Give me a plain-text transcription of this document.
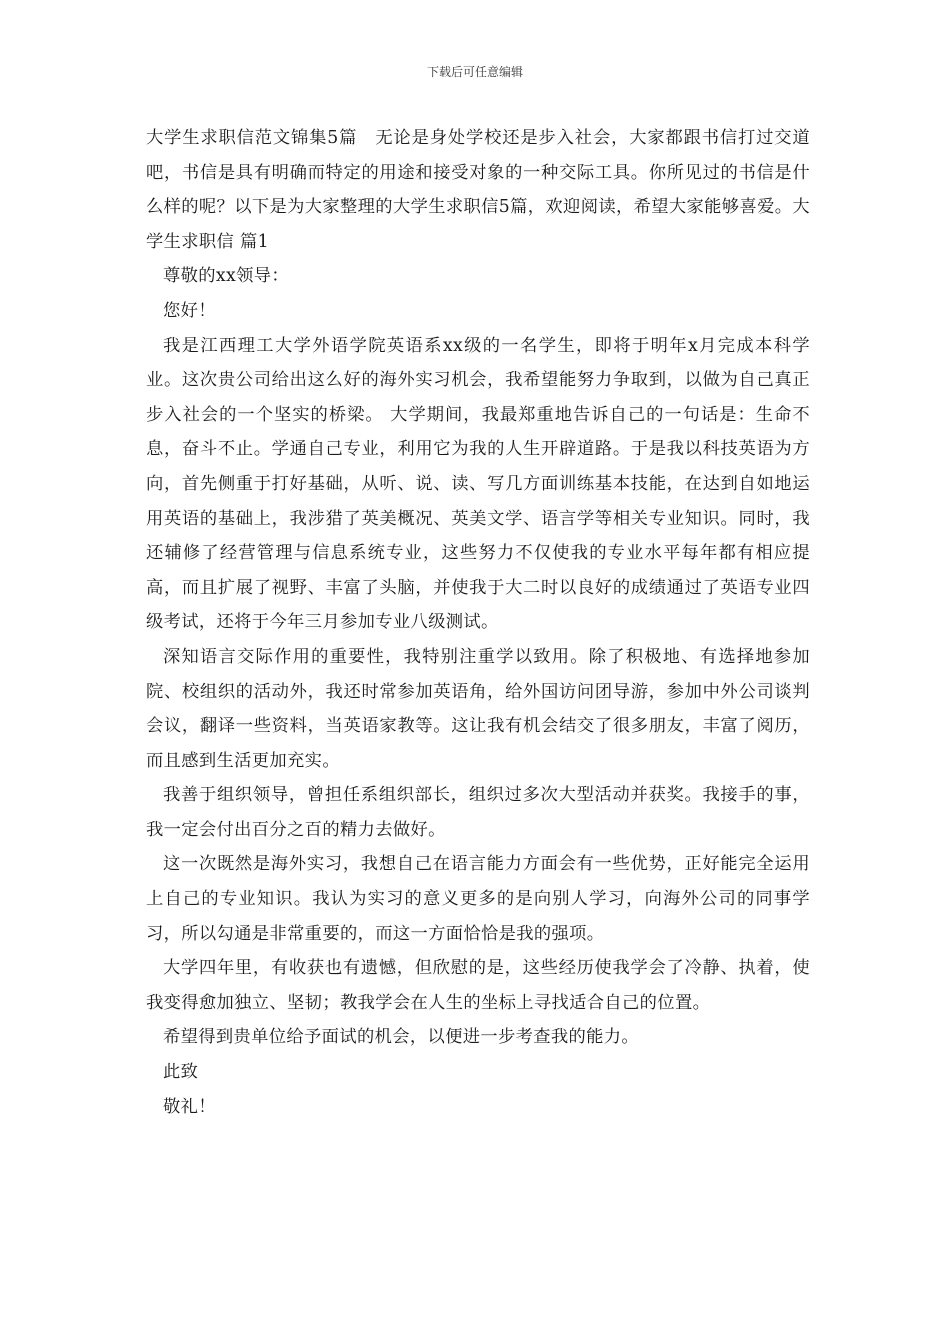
下载后可任意编辑

大学生求职信范文锦集5篇　无论是身处学校还是步入社会，大家都跟书信打过交道吧，书信是具有明确而特定的用途和接受对象的一种交际工具。你所见过的书信是什么样的呢？以下是为大家整理的大学生求职信5篇，欢迎阅读，希望大家能够喜爱。大学生求职信 篇1

尊敬的xx领导：

您好！

我是江西理工大学外语学院英语系xx级的一名学生，即将于明年x月完成本科学业。这次贵公司给出这么好的海外实习机会，我希望能努力争取到，以做为自己真正步入社会的一个坚实的桥梁。 大学期间，我最郑重地告诉自己的一句话是：生命不息，奋斗不止。学通自己专业，利用它为我的人生开辟道路。于是我以科技英语为方向，首先侧重于打好基础，从听、说、读、写几方面训练基本技能，在达到自如地运用英语的基础上，我涉猎了英美概况、英美文学、语言学等相关专业知识。同时，我还辅修了经营管理与信息系统专业，这些努力不仅使我的专业水平每年都有相应提高，而且扩展了视野、丰富了头脑，并使我于大二时以良好的成绩通过了英语专业四级考试，还将于今年三月参加专业八级测试。

深知语言交际作用的重要性，我特别注重学以致用。除了积极地、有选择地参加院、校组织的活动外，我还时常参加英语角，给外国访问团导游，参加中外公司谈判会议，翻译一些资料，当英语家教等。这让我有机会结交了很多朋友，丰富了阅历，而且感到生活更加充实。

我善于组织领导，曾担任系组织部长，组织过多次大型活动并获奖。我接手的事，我一定会付出百分之百的精力去做好。

这一次既然是海外实习，我想自己在语言能力方面会有一些优势，正好能完全运用上自己的专业知识。我认为实习的意义更多的是向别人学习，向海外公司的同事学习，所以勾通是非常重要的，而这一方面恰恰是我的强项。

大学四年里，有收获也有遗憾，但欣慰的是，这些经历使我学会了冷静、执着，使我变得愈加独立、坚韧；教我学会在人生的坐标上寻找适合自己的位置。

希望得到贵单位给予面试的机会，以便进一步考查我的能力。

此致

敬礼！
